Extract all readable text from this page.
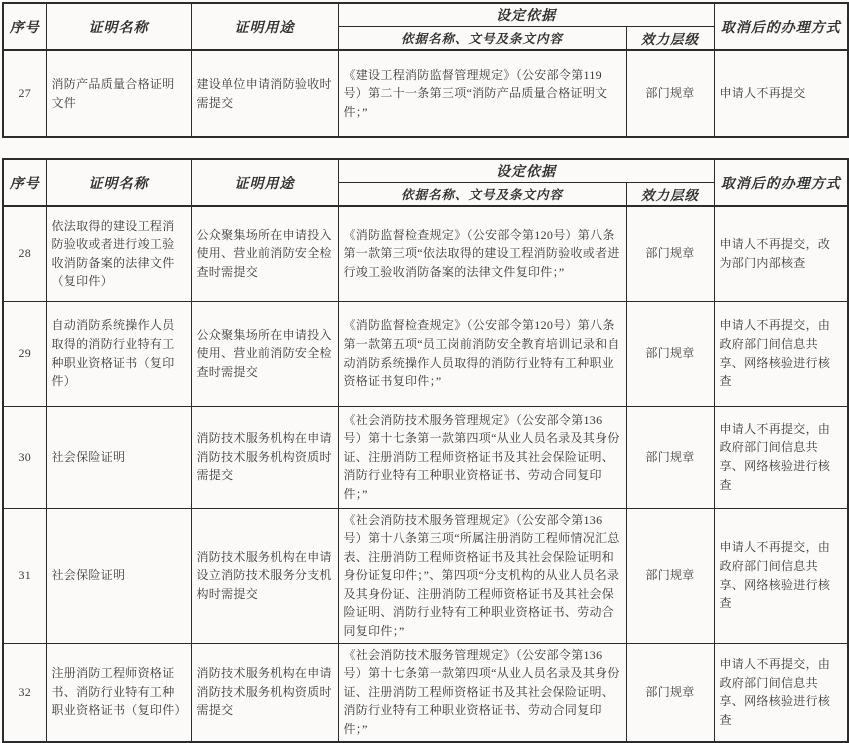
序号	证明名称	证明用途	设定依据		取消后的办理方式
			依据名称、文号及条文内容	效力层级	
27	消防产品质量合格证明文件	建设单位申请消防验收时需提交	《建设工程消防监督管理规定》（公安部令第119号）第二十一条第三项“消防产品质量合格证明文件；”	部门规章	申请人不再提交
序号	证明名称	证明用途	设定依据		取消后的办理方式
			依据名称、文号及条文内容	效力层级	
28	依法取得的建设工程消防验收或者进行竣工验收消防备案的法律文件（复印件）	公众聚集场所在申请投入使用、营业前消防安全检查时需提交	《消防监督检查规定》（公安部令第120号）第八条第一款第三项“依法取得的建设工程消防验收或者进行竣工验收消防备案的法律文件复印件；”	部门规章	申请人不再提交，改为部门内部核查
29	自动消防系统操作人员取得的消防行业特有工种职业资格证书（复印件）	公众聚集场所在申请投入使用、营业前消防安全检查时需提交	《消防监督检查规定》（公安部令第120号）第八条第一款第五项“员工岗前消防安全教育培训记录和自动消防系统操作人员取得的消防行业特有工种职业资格证书复印件；”	部门规章	申请人不再提交，由政府部门间信息共享、网络核验进行核查
30	社会保险证明	消防技术服务机构在申请消防技术服务机构资质时需提交	《社会消防技术服务管理规定》（公安部令第136号）第十七条第一款第四项“从业人员名录及其身份证、注册消防工程师资格证书及其社会保险证明、消防行业特有工种职业资格证书、劳动合同复印件；”	部门规章	申请人不再提交，由政府部门间信息共享、网络核验进行核查
31	社会保险证明	消防技术服务机构在申请设立消防技术服务分支机构时需提交	《社会消防技术服务管理规定》（公安部令第136号）第十八条第三项“所属注册消防工程师情况汇总表、注册消防工程师资格证书及其社会保险证明和身份证复印件；”、第四项“分支机构的从业人员名录及其身份证、注册消防工程师资格证书及其社会保险证明、消防行业特有工种职业资格证书、劳动合同复印件；”	部门规章	申请人不再提交，由政府部门间信息共享、网络核验进行核查
32	注册消防工程师资格证书、消防行业特有工种职业资格证书（复印件）	消防技术服务机构在申请消防技术服务机构资质时需提交	《社会消防技术服务管理规定》（公安部令第136号）第十七条第一款第四项“从业人员名录及其身份证、注册消防工程师资格证书及其社会保险证明、消防行业特有工种职业资格证书、劳动合同复印件；”	部门规章	申请人不再提交，由政府部门间信息共享、网络核验进行核查
